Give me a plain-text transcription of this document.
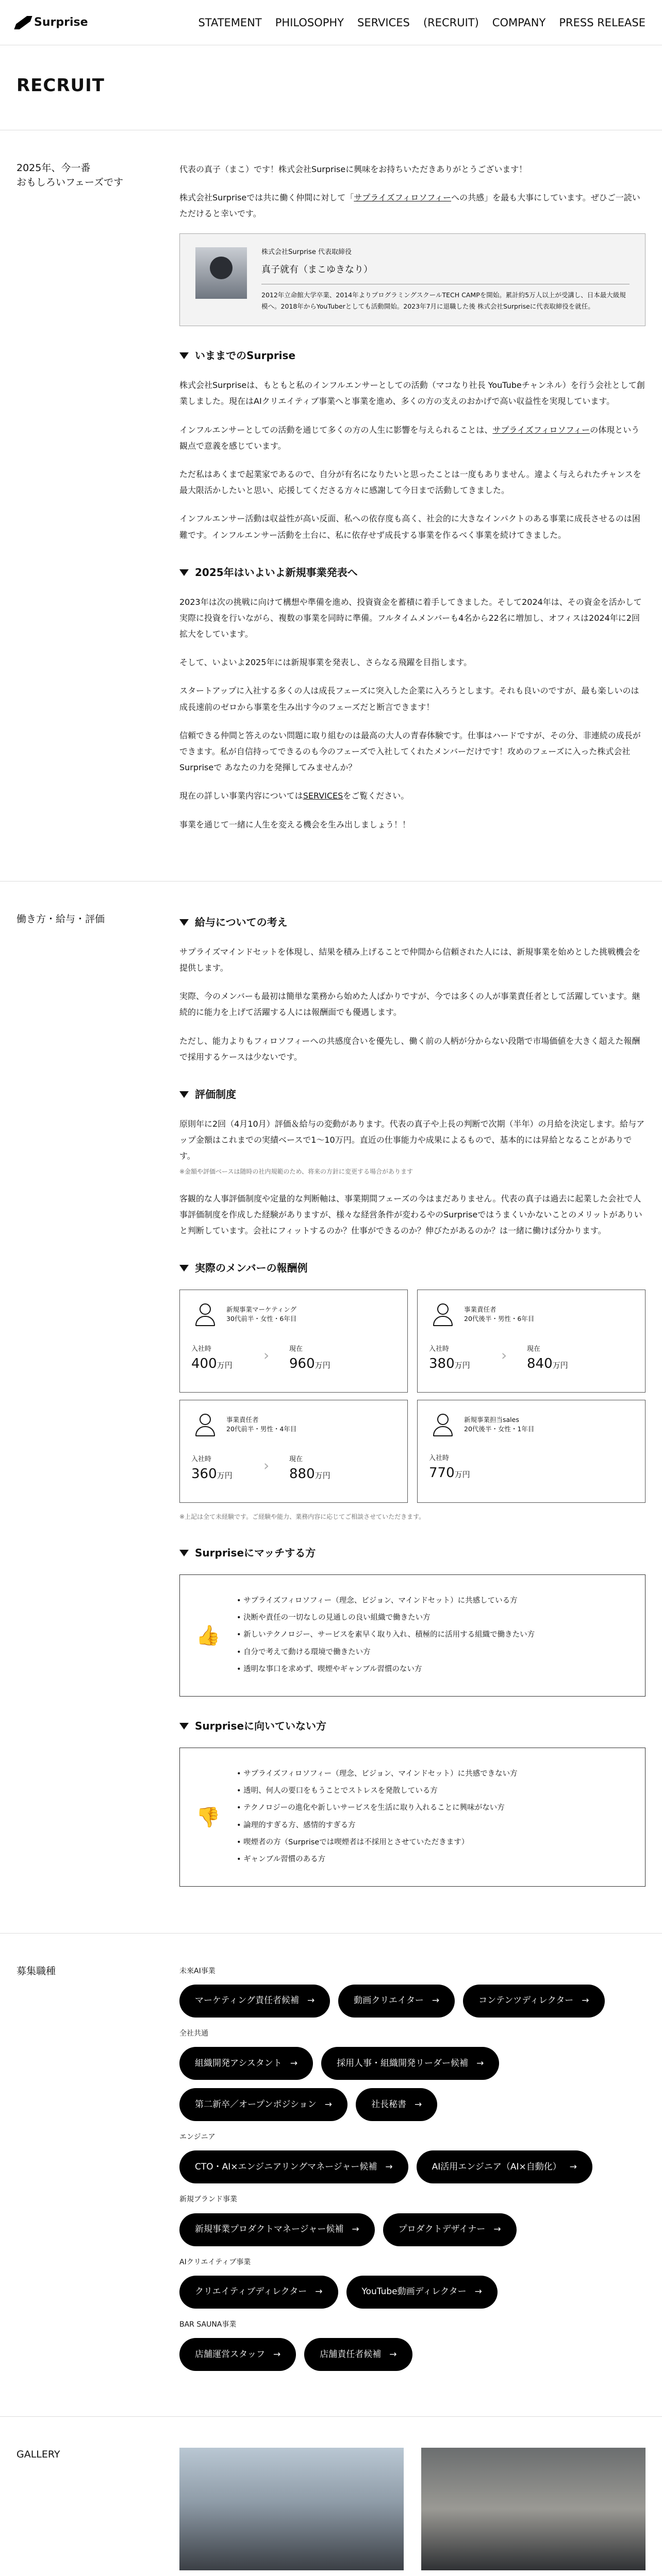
Surprise	STATEMENT PHILOSOPHY SERVICES (RECRUIT) COMPANY PRESS RELEASE
RECRUIT
2025年、今一番
おもしろいフェーズです

代表の真子（まこ）です！株式会社Surpriseに興味をお持ちいただきありがとうございます！

株式会社Surpriseでは共に働く仲間に対して「サプライズフィロソフィーへの共感」を最も大事にしています。ぜひご一読いただけると幸いです。

株式会社Surprise 代表取締役
真子就有（まこゆきなり）
2012年立命館大学卒業、2014年よりプログラミングスクールTECH CAMPを開始。累計約5万人以上が受講し、日本最大級規模へ。2018年からYouTuberとしても活動開始。2023年7月に退職した後 株式会社Surpriseに代表取締役を就任。
いままでのSurprise

株式会社Surpriseは、もともと私のインフルエンサーとしての活動（マコなり社長 YouTubeチャンネル）を行う会社として創業しました。現在はAIクリエイティブ事業へと事業を進め、多くの方の支えのおかげで高い収益性を実現しています。

インフルエンサーとしての活動を通じて多くの方の人生に影響を与えられることは、サプライズフィロソフィーの体現という観点で意義を感じています。

ただ私はあくまで起業家であるので、自分が有名になりたいと思ったことは一度もありません。違よく与えられたチャンスを最大限活かしたいと思い、応援してくださる方々に感謝して今日まで活動してきました。

インフルエンサー活動は収益性が高い反面、私への依存度も高く、社会的に大きなインパクトのある事業に成長させるのは困難です。インフルエンサー活動を土台に、私に依存せず成長する事業を作るべく事業を続けてきました。

2025年はいよいよ新規事業発表へ

2023年は次の挑戦に向けて構想や準備を進め、投資資金を蓄積に着手してきました。そして2024年は、その資金を活かして実際に投資を行いながら、複数の事業を同時に準備。フルタイムメンバーも4名から22名に増加し、オフィスは2024年に2回拡大をしています。

そして、いよいよ2025年には新規事業を発表し、さらなる飛躍を目指します。

スタートアップに入社する多くの人は成長フェーズに突入した企業に入ろうとします。それも良いのですが、最も楽しいのは成長速前のゼロから事業を生み出す今のフェーズだと断言できます！

信頼できる仲間と答えのない問題に取り組むのは最高の大人の青春体験です。仕事はハードですが、その分、非連続の成長ができます。私が自信持ってできるのも今のフェーズで入社してくれたメンバーだけです！攻めのフェーズに入った株式会社Surpriseで あなたの力を発揮してみませんか？

現在の詳しい事業内容についてはSERVICESをご覧ください。

事業を通じて一緒に人生を変える機会を生み出しましょう！！

働き方・給与・評価	給与についての考え

サプライズマインドセットを体現し、結果を積み上げることで仲間から信頼された人には、新規事業を始めとした挑戦機会を提供します。

実際、今のメンバーも最初は簡単な業務から始めた人ばかりですが、今では多くの人が事業責任者として活躍しています。継続的に能力を上げて活躍する人には報酬面でも優遇します。

ただし、能力よりもフィロソフィーへの共感度合いを優先し、働く前の人柄が分からない段階で市場価値を大きく超えた報酬で採用するケースは少ないです。

評価制度

原則年に2回（4月10月）評価＆給与の変動があります。代表の真子や上長の判断で次期（半年）の月給を決定します。給与アップ金額はこれまでの実績ベースで1〜10万円。直近の仕事能力や成果によるもので、基本的には昇給となることがありです。

※金額や評価ベースは随時の社内規範のため、将来の方針に変更する場合があります

客観的な人事評価制度や定量的な判断軸は、事業期間フェーズの今はまだありません。代表の真子は過去に起業した会社で人事評価制度を作成した経験がありますが、様々な経営条件が変わるやのSurpriseではうまくいかないことのメリットがありいと判断しています。会社にフィットするのか？仕事ができるのか？伸びたがあるのか？は一緒に働けば分かります。

実際のメンバーの報酬例
新規事業マーケティング
30代前半・女性・6年目
入社時
400万円
›	現在
960万円
事業責任者
20代後半・男性・6年目
入社時
380万円
›	現在
840万円
事業責任者
20代前半・男性・4年目
入社時
360万円
›	現在
880万円
新規事業担当sales
20代後半・女性・1年目
入社時
770万円
※上記は全て未経験です。ご経験や能力、業務内容に応じてご相談させていただきます。
Surpriseにマッチする方
👍
• サプライズフィロソフィー（理念、ビジョン、マインドセット）に共感している方
• 決断や責任の一切なしの見通しの良い組織で働きたい方
• 新しいテクノロジー、サービスを素早く取り入れ、積極的に活用する組織で働きたい方
• 自分で考えて動ける環境で働きたい方
• 透明な事口を求めず、喫煙やギャンブル習慣のない方
Surpriseに向いていない方
👎
• サプライズフィロソフィー（理念、ビジョン、マインドセット）に共感できない方
• 透明、何人の要口をもうことでストレスを発散している方
• テクノロジーの進化や新しいサービスを生活に取り入れることに興味がない方
• 論理的すぎる方、感情的すぎる方
• 喫煙者の方（Surpriseでは喫煙者は不採用とさせていただきます）
• ギャンブル習慣のある方
募集職種	未來AI事業
マーケティング責任者候補 →	動画クリエイター →	コンテンツディレクター →
全社共通
組織開発アシスタント →	採用人事・組織開発リーダー候補 →
第二新卒／オープンポジション →	社長秘書 →
エンジニア
CTO・AI×エンジニアリングマネージャー候補 →	AI活用エンジニア（AI×自動化） →
新規ブランド事業
新規事業プロダクトマネージャー候補 →	プロダクトデザイナー →
AIクリエイティブ事業
クリエイティブディレクター →	YouTube動画ディレクター →
BAR SAUNA事業
店舗運営スタッフ →	店舗責任者候補 →
GALLERY
